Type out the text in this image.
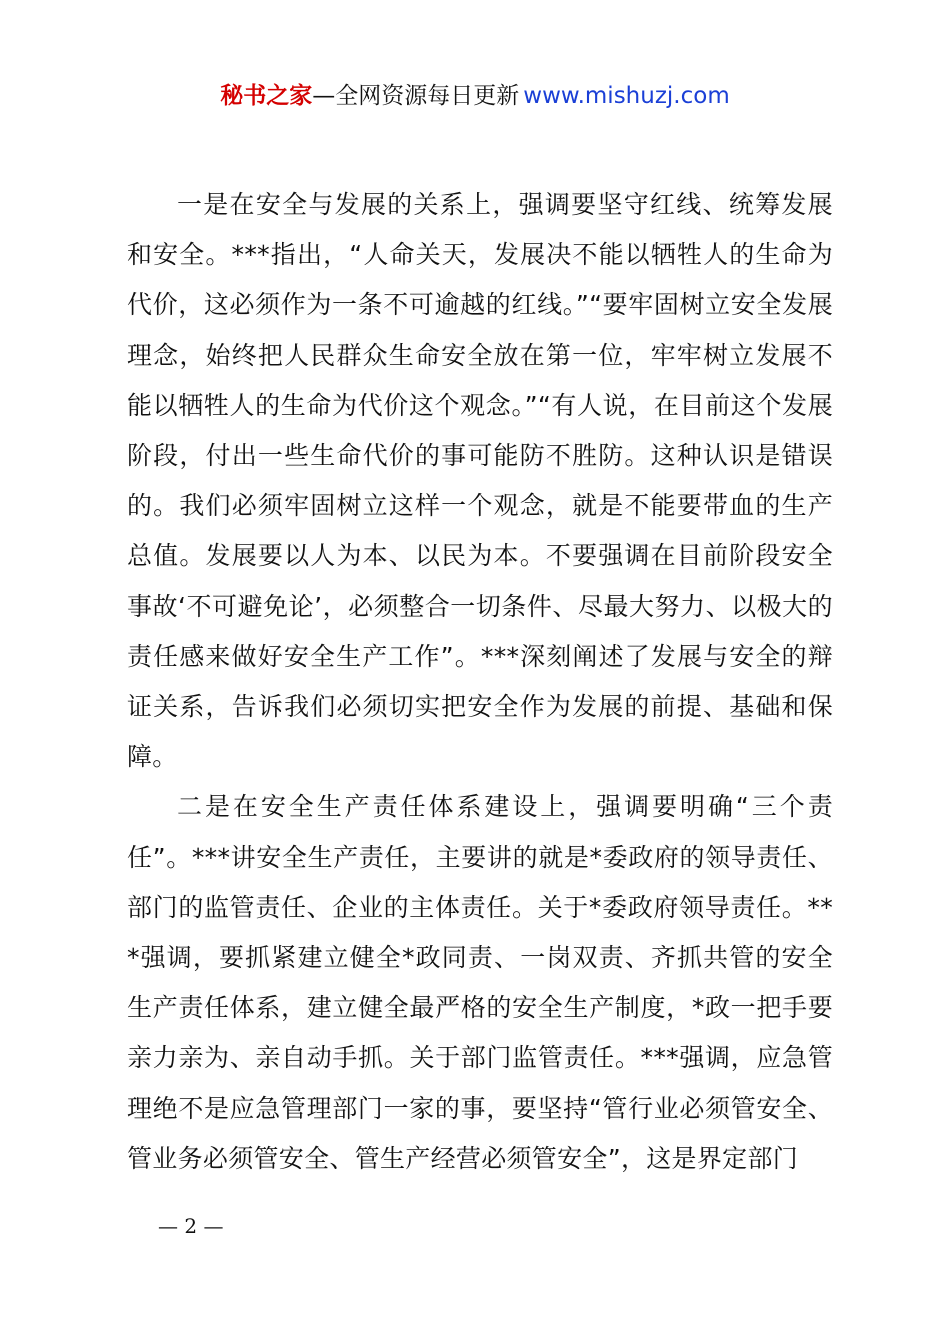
秘书之家—全网资源每日更新 www.mishuzj.com

一是在安全与发展的关系上，强调要坚守红线、统筹发展和安全。***指出，“人命关天，发展决不能以牺牲人的生命为代价，这必须作为一条不可逾越的红线。”“要牢固树立安全发展理念，始终把人民群众生命安全放在第一位，牢牢树立发展不能以牺牲人的生命为代价这个观念。”“有人说，在目前这个发展阶段，付出一些生命代价的事可能防不胜防。这种认识是错误的。我们必须牢固树立这样一个观念，就是不能要带血的生产总值。发展要以人为本、以民为本。不要强调在目前阶段安全事故‘不可避免论’，必须整合一切条件、尽最大努力、以极大的责任感来做好安全生产工作”。***深刻阐述了发展与安全的辩证关系，告诉我们必须切实把安全作为发展的前提、基础和保障。

二是在安全生产责任体系建设上，强调要明确“三个责任”。***讲安全生产责任，主要讲的就是*委政府的领导责任、部门的监管责任、企业的主体责任。关于*委政府领导责任。***强调，要抓紧建立健全*政同责、一岗双责、齐抓共管的安全生产责任体系，建立健全最严格的安全生产制度，*政一把手要亲力亲为、亲自动手抓。关于部门监管责任。***强调，应急管理绝不是应急管理部门一家的事，要坚持“管行业必须管安全、管业务必须管安全、管生产经营必须管安全”，这是界定部门

— 2 —
